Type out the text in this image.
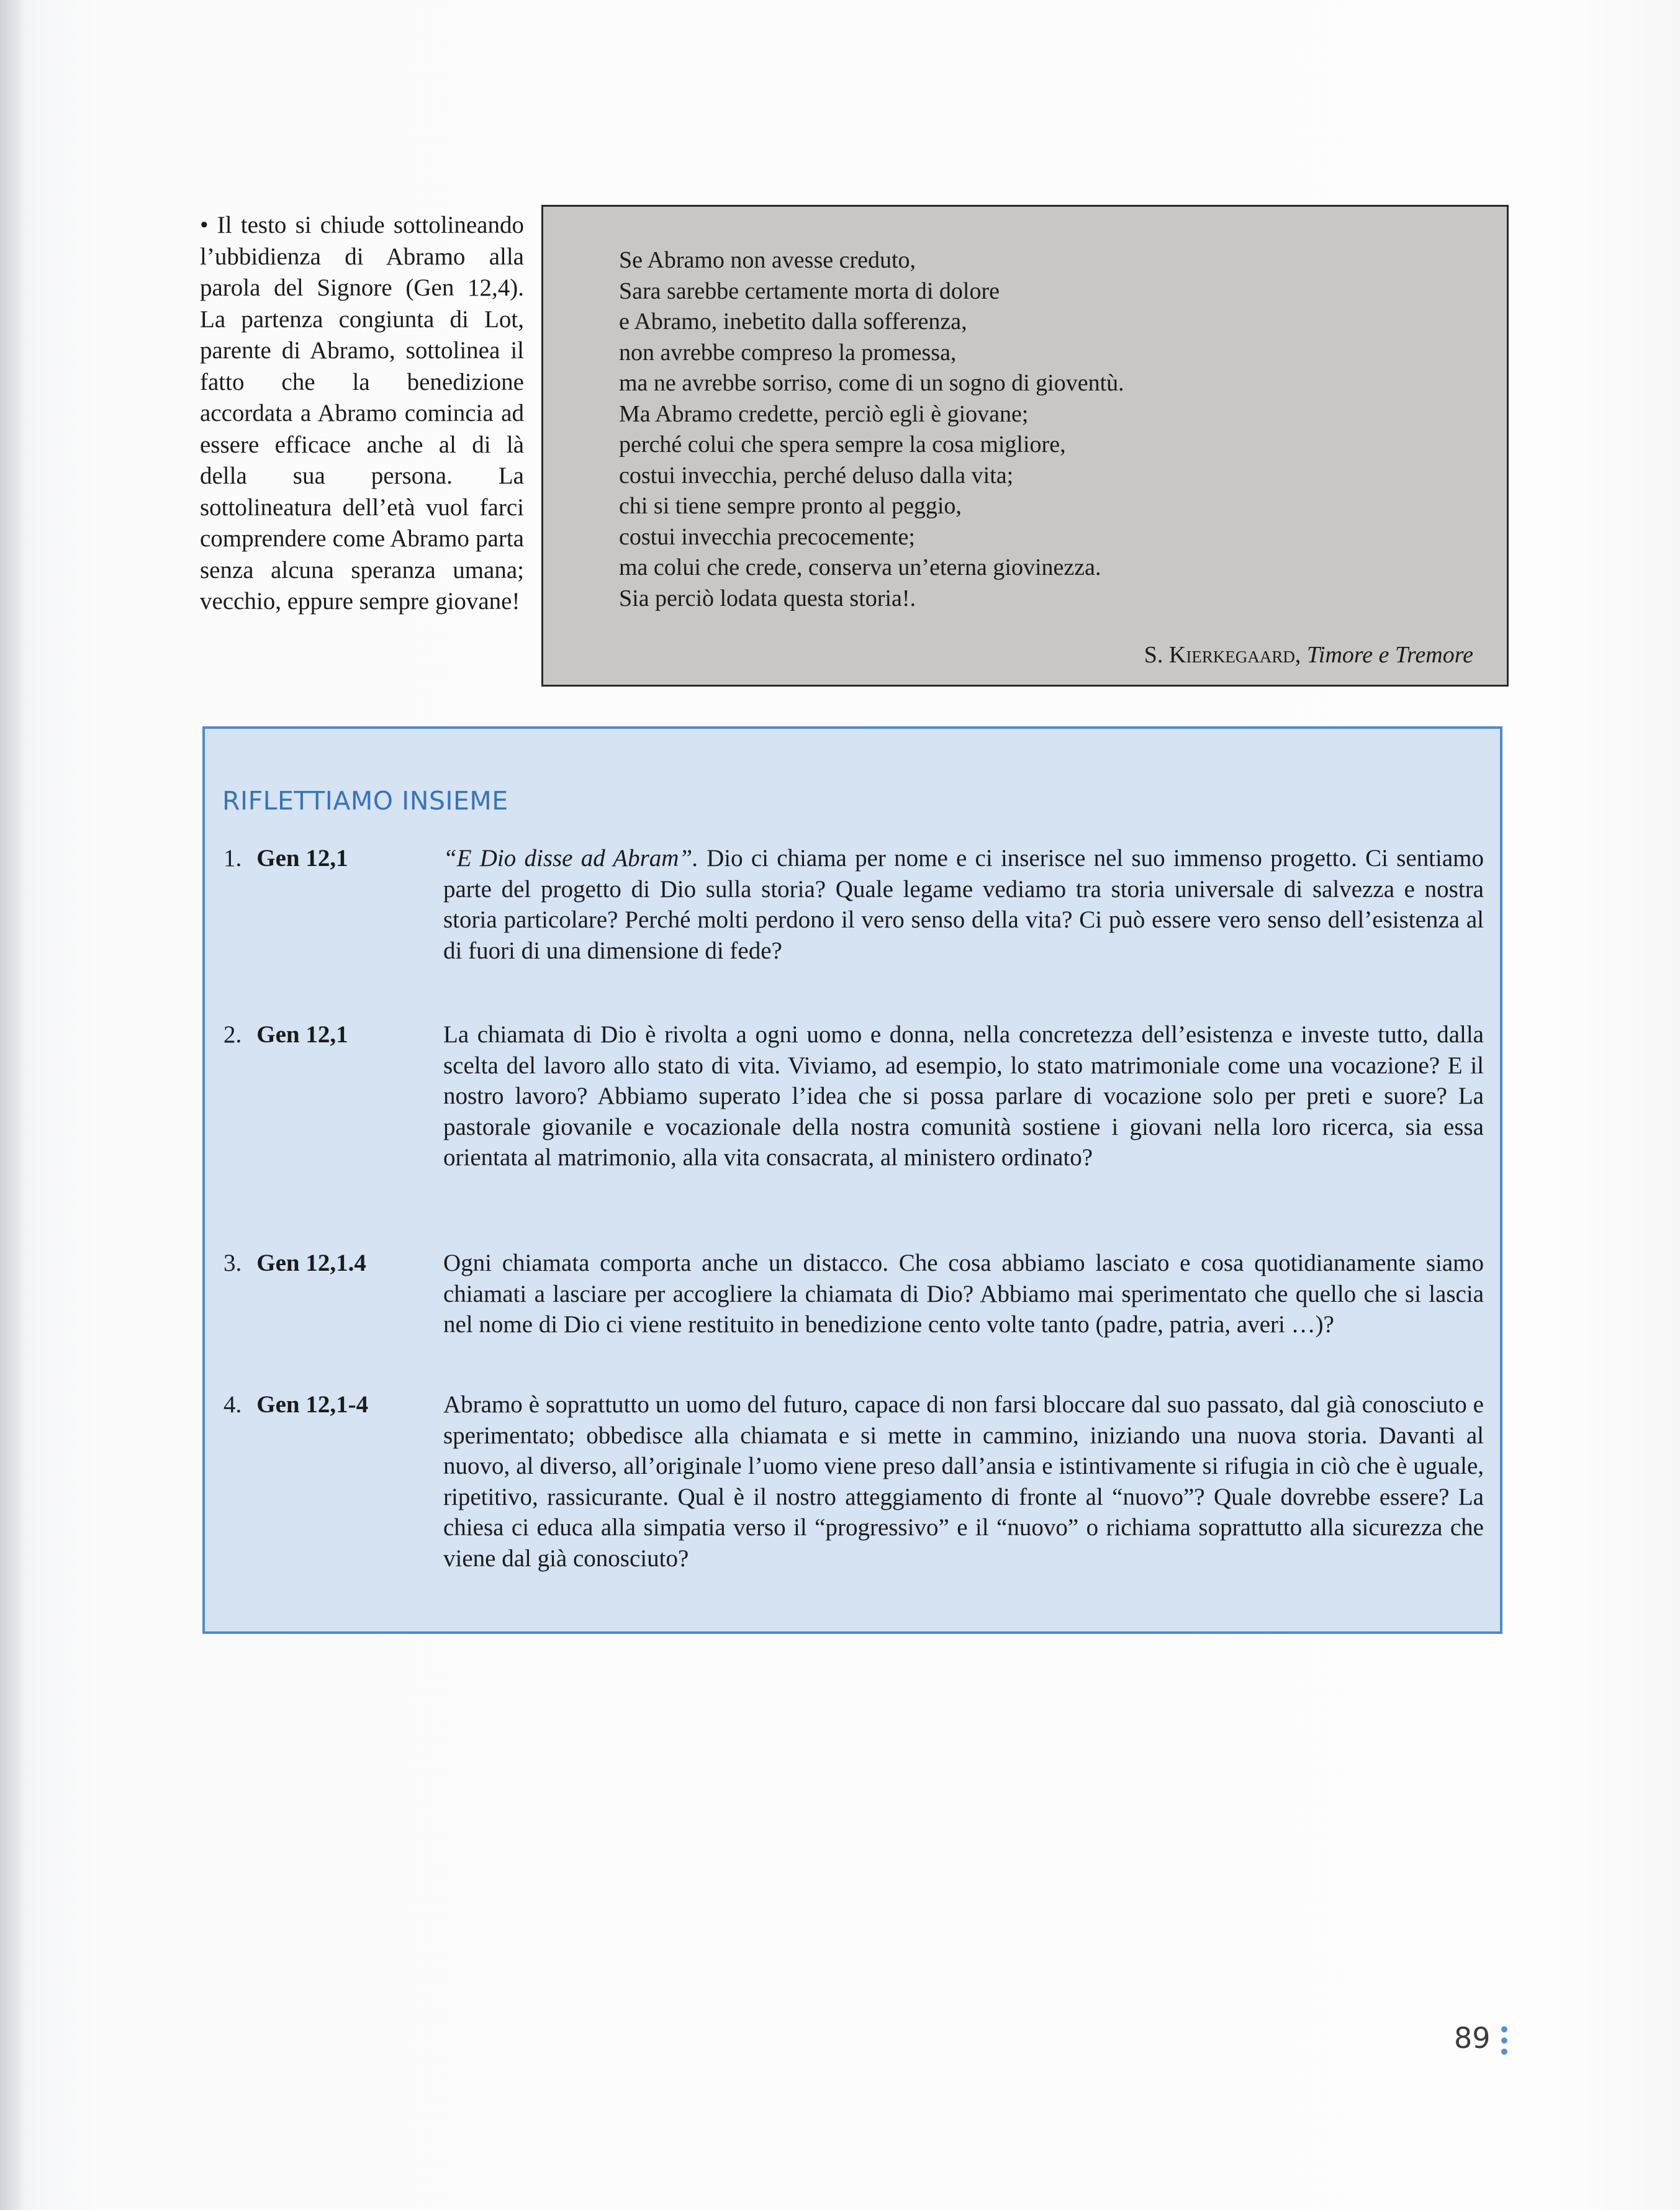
• Il testo si chiude sottolineando l’ubbidienza di Abramo alla parola del Signore (Gen 12,4). La partenza congiunta di Lot, parente di Abramo, sottolinea il fatto che la benedizione accordata a Abramo comincia ad essere efficace anche al di là della sua persona. La sottolineatura dell’età vuol farci comprendere come Abramo parta senza alcuna speranza umana; vecchio, eppure sempre giovane!
Se Abramo non avesse creduto,
Sara sarebbe certamente morta di dolore
e Abramo, inebetito dalla sofferenza,
non avrebbe compreso la promessa,
ma ne avrebbe sorriso, come di un sogno di gioventù.
Ma Abramo credette, perciò egli è giovane;
perché colui che spera sempre la cosa migliore,
costui invecchia, perché deluso dalla vita;
chi si tiene sempre pronto al peggio,
costui invecchia precocemente;
ma colui che crede, conserva un’eterna giovinezza.
Sia perciò lodata questa storia!.
S. Kierkegaard, Timore e Tremore
RIFLETTIAMO INSIEME
1. Gen 12,1	“E Dio disse ad Abram”. Dio ci chiama per nome e ci inserisce nel suo immenso progetto. Ci sentiamo parte del progetto di Dio sulla storia? Quale legame vediamo tra storia universale di salvezza e nostra storia particolare? Perché molti perdono il vero senso della vita? Ci può essere vero senso dell’esistenza al di fuori di una dimensione di fede?
2. Gen 12,1	La chiamata di Dio è rivolta a ogni uomo e donna, nella concretezza dell’esistenza e investe tutto, dalla scelta del lavoro allo stato di vita. Viviamo, ad esempio, lo stato matrimoniale come una vocazione? E il nostro lavoro? Abbiamo superato l’idea che si possa parlare di vocazione solo per preti e suore? La pastorale giovanile e vocazionale della nostra comunità sostiene i giovani nella loro ricerca, sia essa orientata al matrimonio, alla vita consacrata, al ministero ordinato?
3. Gen 12,1.4	Ogni chiamata comporta anche un distacco. Che cosa abbiamo lasciato e cosa quotidianamente siamo chiamati a lasciare per accogliere la chiamata di Dio? Abbiamo mai sperimentato che quello che si lascia nel nome di Dio ci viene restituito in benedizione cento volte tanto (padre, patria, averi …)?
4. Gen 12,1-4	Abramo è soprattutto un uomo del futuro, capace di non farsi bloccare dal suo passato, dal già conosciuto e sperimentato; obbedisce alla chiamata e si mette in cammino, iniziando una nuova storia. Davanti al nuovo, al diverso, all’originale l’uomo viene preso dall’ansia e istintivamente si rifugia in ciò che è uguale, ripetitivo, rassicurante. Qual è il nostro atteggiamento di fronte al “nuovo”? Quale dovrebbe essere? La chiesa ci educa alla simpatia verso il “progressivo” e il “nuovo” o richiama soprattutto alla sicurezza che viene dal già conosciuto?
89
